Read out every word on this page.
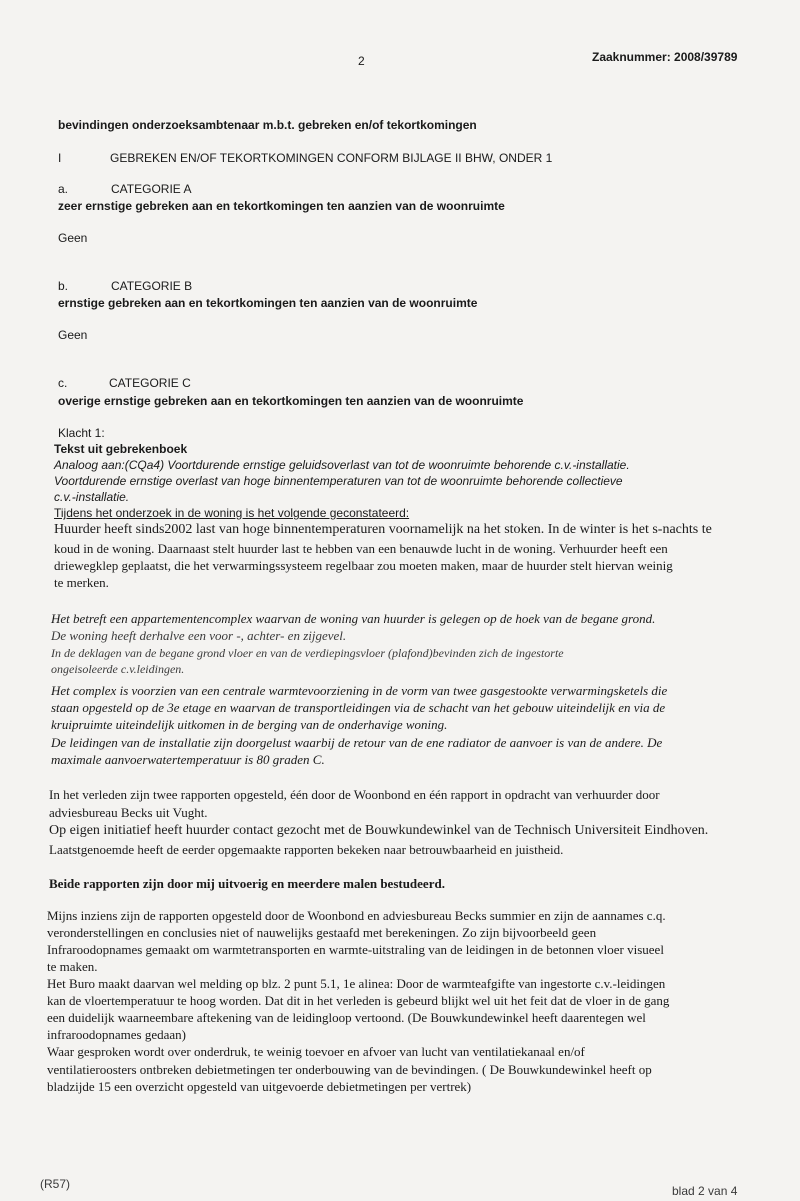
2	Zaaknummer: 2008/39789
bevindingen onderzoeksambtenaar m.b.t. gebreken en/of tekortkomingen
I	GEBREKEN EN/OF TEKORTKOMINGEN CONFORM BIJLAGE II BHW, ONDER 1
a.	CATEGORIE A
zeer ernstige gebreken aan en tekortkomingen ten aanzien van de woonruimte
Geen
b.	CATEGORIE B
ernstige gebreken aan en tekortkomingen ten aanzien van de woonruimte
Geen
c.	CATEGORIE C
overige ernstige gebreken aan en tekortkomingen ten aanzien van de woonruimte
Klacht 1:
Tekst uit gebrekenboek
Analoog aan:(CQa4) Voortdurende ernstige geluidsoverlast van tot de woonruimte behorende c.v.-installatie.
Voortdurende ernstige overlast van hoge binnentemperaturen van tot de woonruimte behorende collectieve
c.v.-installatie.
Tijdens het onderzoek in de woning is het volgende geconstateerd:
Huurder heeft sinds2002 last van hoge binnentemperaturen voornamelijk na het stoken. In de winter is het s-nachts te
koud in de woning. Daarnaast stelt huurder last te hebben van een benauwde lucht in de woning. Verhuurder heeft een
driewegklep geplaatst, die het verwarmingssysteem regelbaar zou moeten maken, maar de huurder stelt hiervan weinig
te merken.
Het betreft een appartementencomplex waarvan de woning van huurder is gelegen op de hoek van de begane grond.
De woning heeft derhalve een voor -, achter- en zijgevel.
In de deklagen van de begane grond vloer en van de verdiepingsvloer (plafond)bevinden zich de ingestorte
ongeisoleerde c.v.leidingen.
Het complex is voorzien van een centrale warmtevoorziening in de vorm van twee gasgestookte verwarmingsketels die
staan opgesteld op de 3e etage en waarvan de transportleidingen via de schacht van het gebouw uiteindelijk en via de
kruipruimte uiteindelijk uitkomen in de berging van de onderhavige woning.
De leidingen van de installatie zijn doorgelust waarbij de retour van de ene radiator de aanvoer is van de andere. De
maximale aanvoerwatertemperatuur is 80 graden C.
In het verleden zijn twee rapporten opgesteld, één door de Woonbond en één rapport in opdracht van verhuurder door
adviesbureau Becks uit Vught.
Op eigen initiatief heeft huurder contact gezocht met de Bouwkundewinkel van de Technisch Universiteit Eindhoven.
Laatstgenoemde heeft de eerder opgemaakte rapporten bekeken naar betrouwbaarheid en juistheid.
Beide rapporten zijn door mij uitvoerig en meerdere malen bestudeerd.
Mijns inziens zijn de rapporten opgesteld door de Woonbond en adviesbureau Becks summier en zijn de aannames c.q.
veronderstellingen en conclusies niet of nauwelijks gestaafd met berekeningen. Zo zijn bijvoorbeeld geen
Infraroodopnames gemaakt om warmtetransporten en warmte-uitstraling van de leidingen in de betonnen vloer visueel
te maken.
Het Buro maakt daarvan wel melding op blz. 2 punt 5.1, 1e alinea: Door de warmteafgifte van ingestorte c.v.-leidingen
kan de vloertemperatuur te hoog worden. Dat dit in het verleden is gebeurd blijkt wel uit het feit dat de vloer in de gang
een duidelijk waarneembare aftekening van de leidingloop vertoond. (De Bouwkundewinkel heeft daarentegen wel
infraroodopnames gedaan)
Waar gesproken wordt over onderdruk, te weinig toevoer en afvoer van lucht van ventilatiekanaal en/of
ventilatieroosters ontbreken debietmetingen ter onderbouwing van de bevindingen. ( De Bouwkundewinkel heeft op
bladzijde 15 een overzicht opgesteld van uitgevoerde debietmetingen per vertrek)
(R57)	blad 2 van 4
